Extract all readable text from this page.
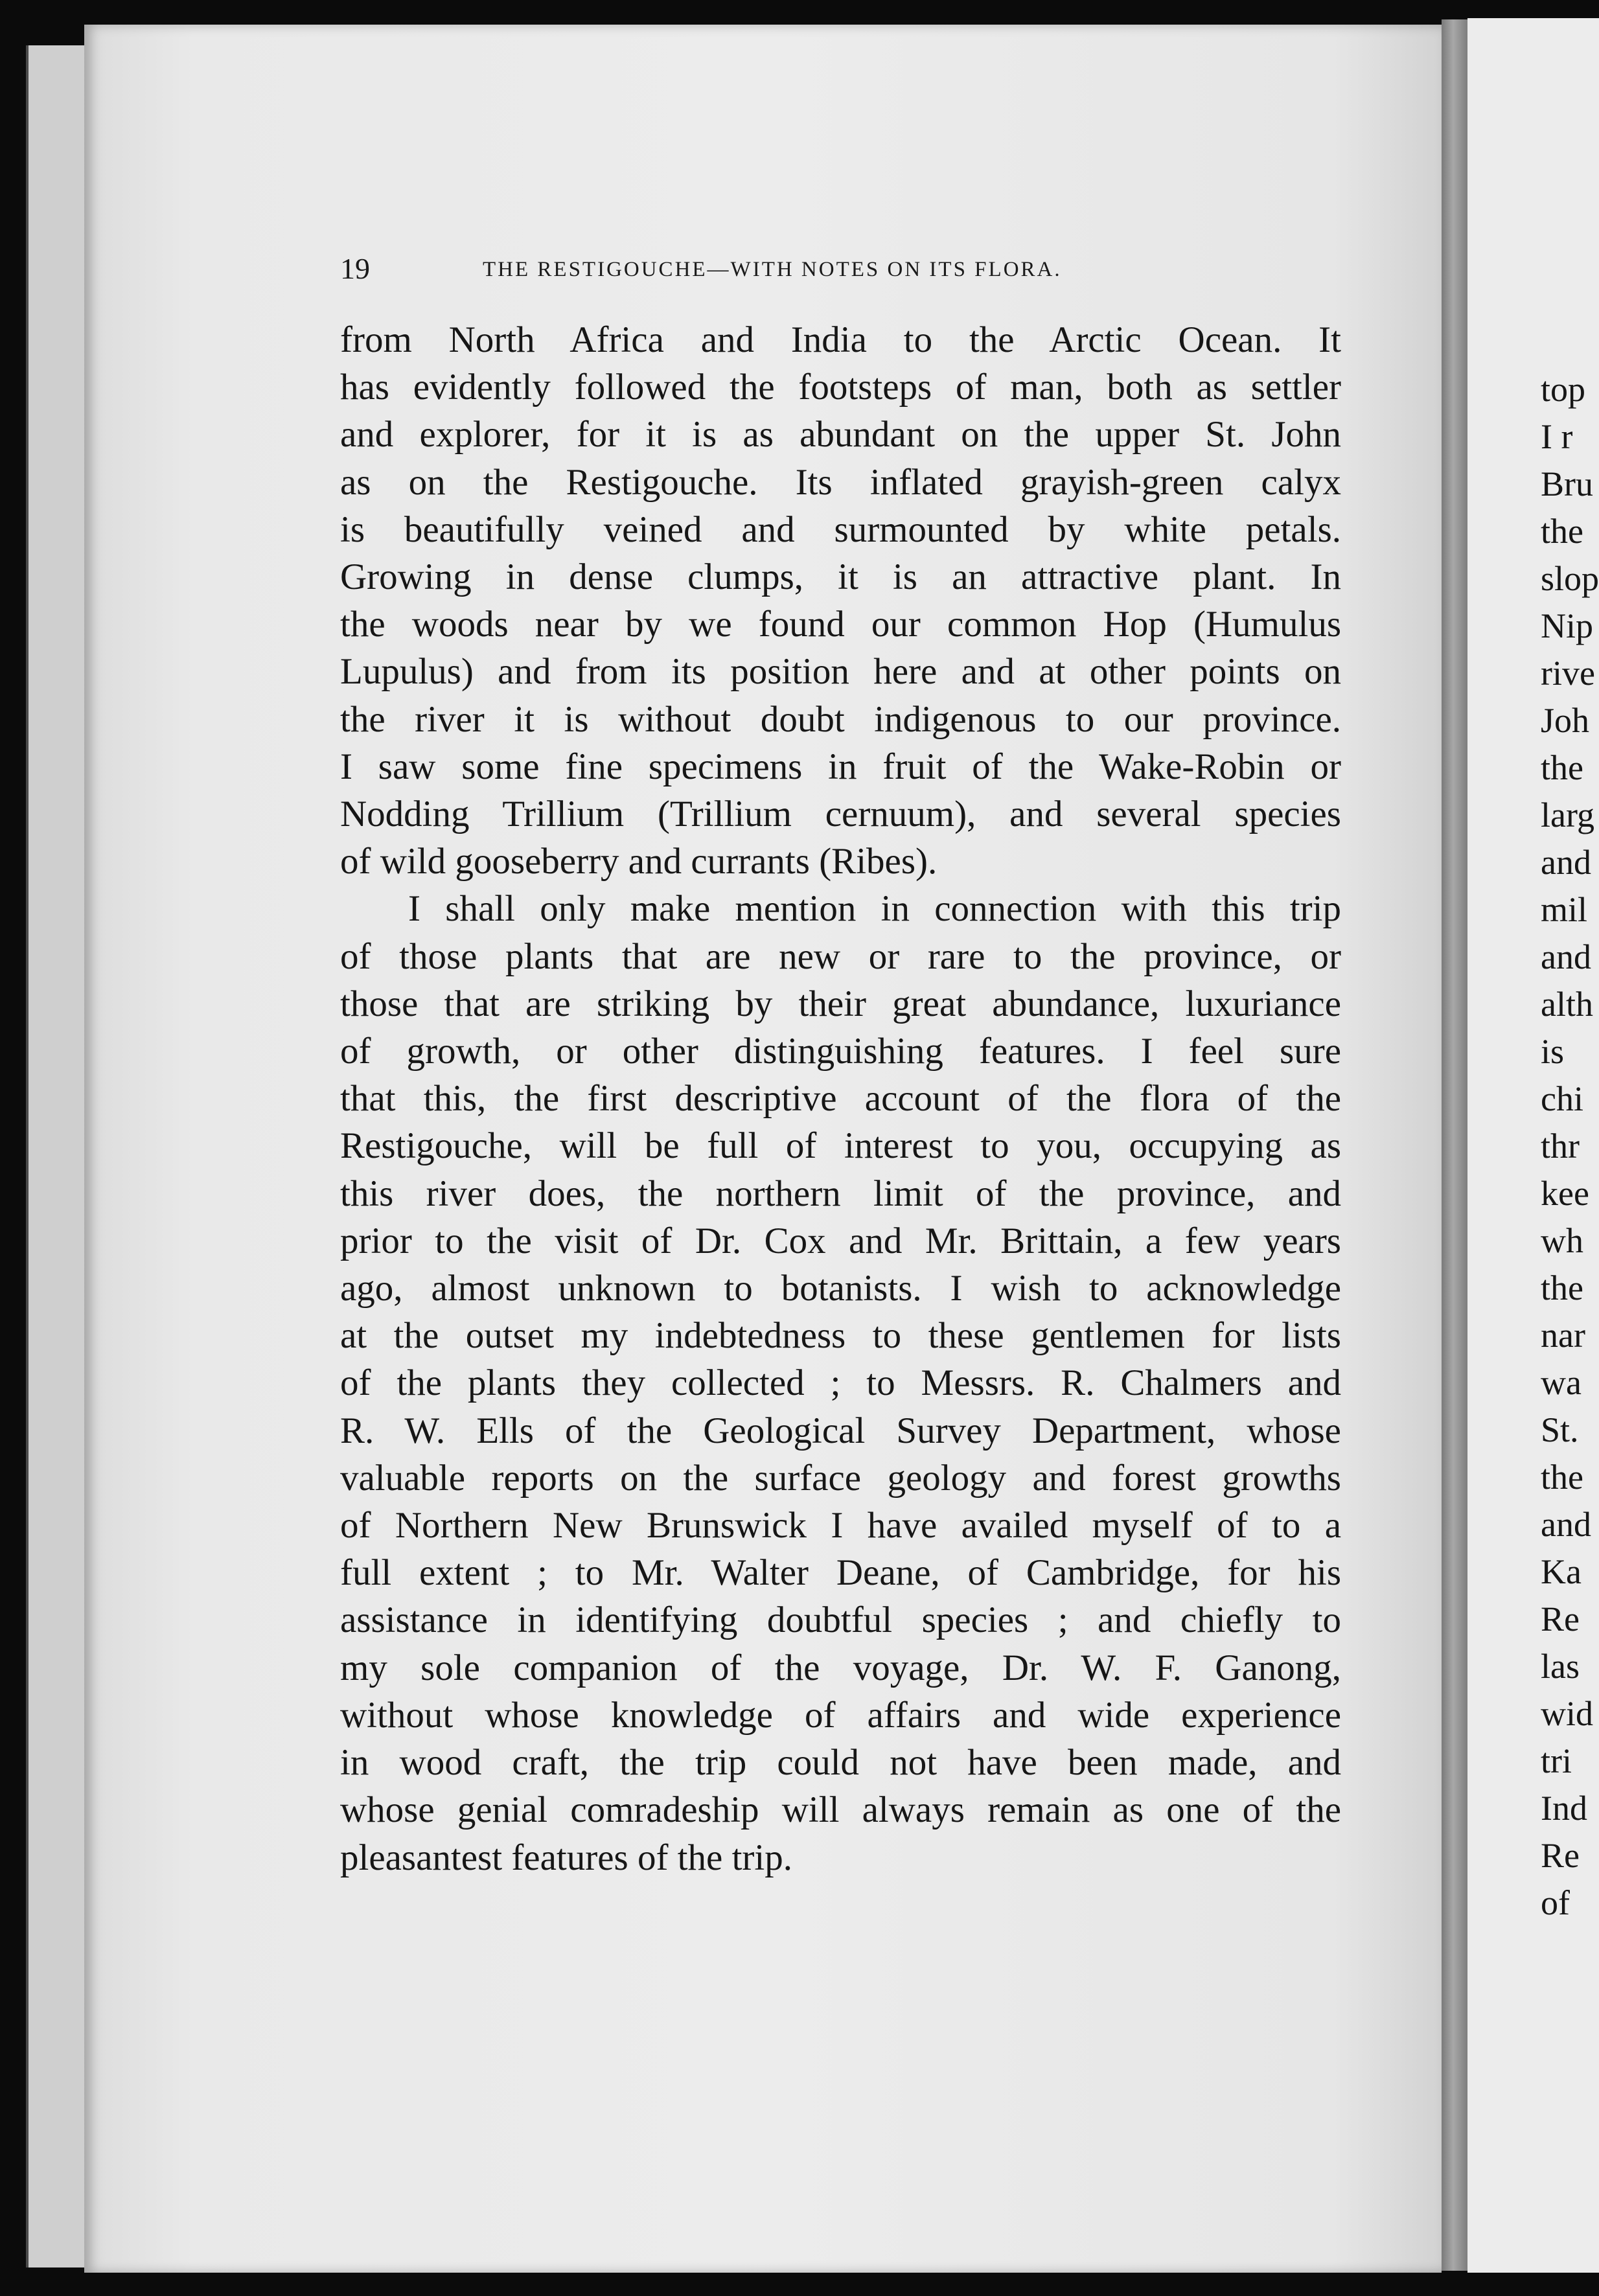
19	THE RESTIGOUCHE—WITH NOTES ON ITS FLORA.
from North Africa and India to the Arctic Ocean. It
has evidently followed the footsteps of man, both as settler
and explorer, for it is as abundant on the upper St. John
as on the Restigouche. Its inflated grayish-green calyx
is beautifully veined and surmounted by white petals.
Growing in dense clumps, it is an attractive plant. In
the woods near by we found our common Hop (Humulus
Lupulus) and from its position here and at other points on
the river it is without doubt indigenous to our province.
I saw some fine specimens in fruit of the Wake-Robin or
Nodding Trillium (Trillium cernuum), and several species
of wild gooseberry and currants (Ribes).
I shall only make mention in connection with this trip
of those plants that are new or rare to the province, or
those that are striking by their great abundance, luxuriance
of growth, or other distinguishing features. I feel sure
that this, the first descriptive account of the flora of the
Restigouche, will be full of interest to you, occupying as
this river does, the northern limit of the province, and
prior to the visit of Dr. Cox and Mr. Brittain, a few years
ago, almost unknown to botanists. I wish to acknowledge
at the outset my indebtedness to these gentlemen for lists
of the plants they collected ; to Messrs. R. Chalmers and
R. W. Ells of the Geological Survey Department, whose
valuable reports on the surface geology and forest growths
of Northern New Brunswick I have availed myself of to a
full extent ; to Mr. Walter Deane, of Cambridge, for his
assistance in identifying doubtful species ; and chiefly to
my sole companion of the voyage, Dr. W. F. Ganong,
without whose knowledge of affairs and wide experience
in wood craft, the trip could not have been made, and
whose genial comradeship will always remain as one of the
pleasantest features of the trip.
top
I r
Bru
the
slop
Nip
rive
Joh
the
larg
and
mil
and
alth
is
chi
thr
kee
wh
the
nar
wa
St.
the
and
Ka
Re
las
wid
tri
Ind
Re
of
